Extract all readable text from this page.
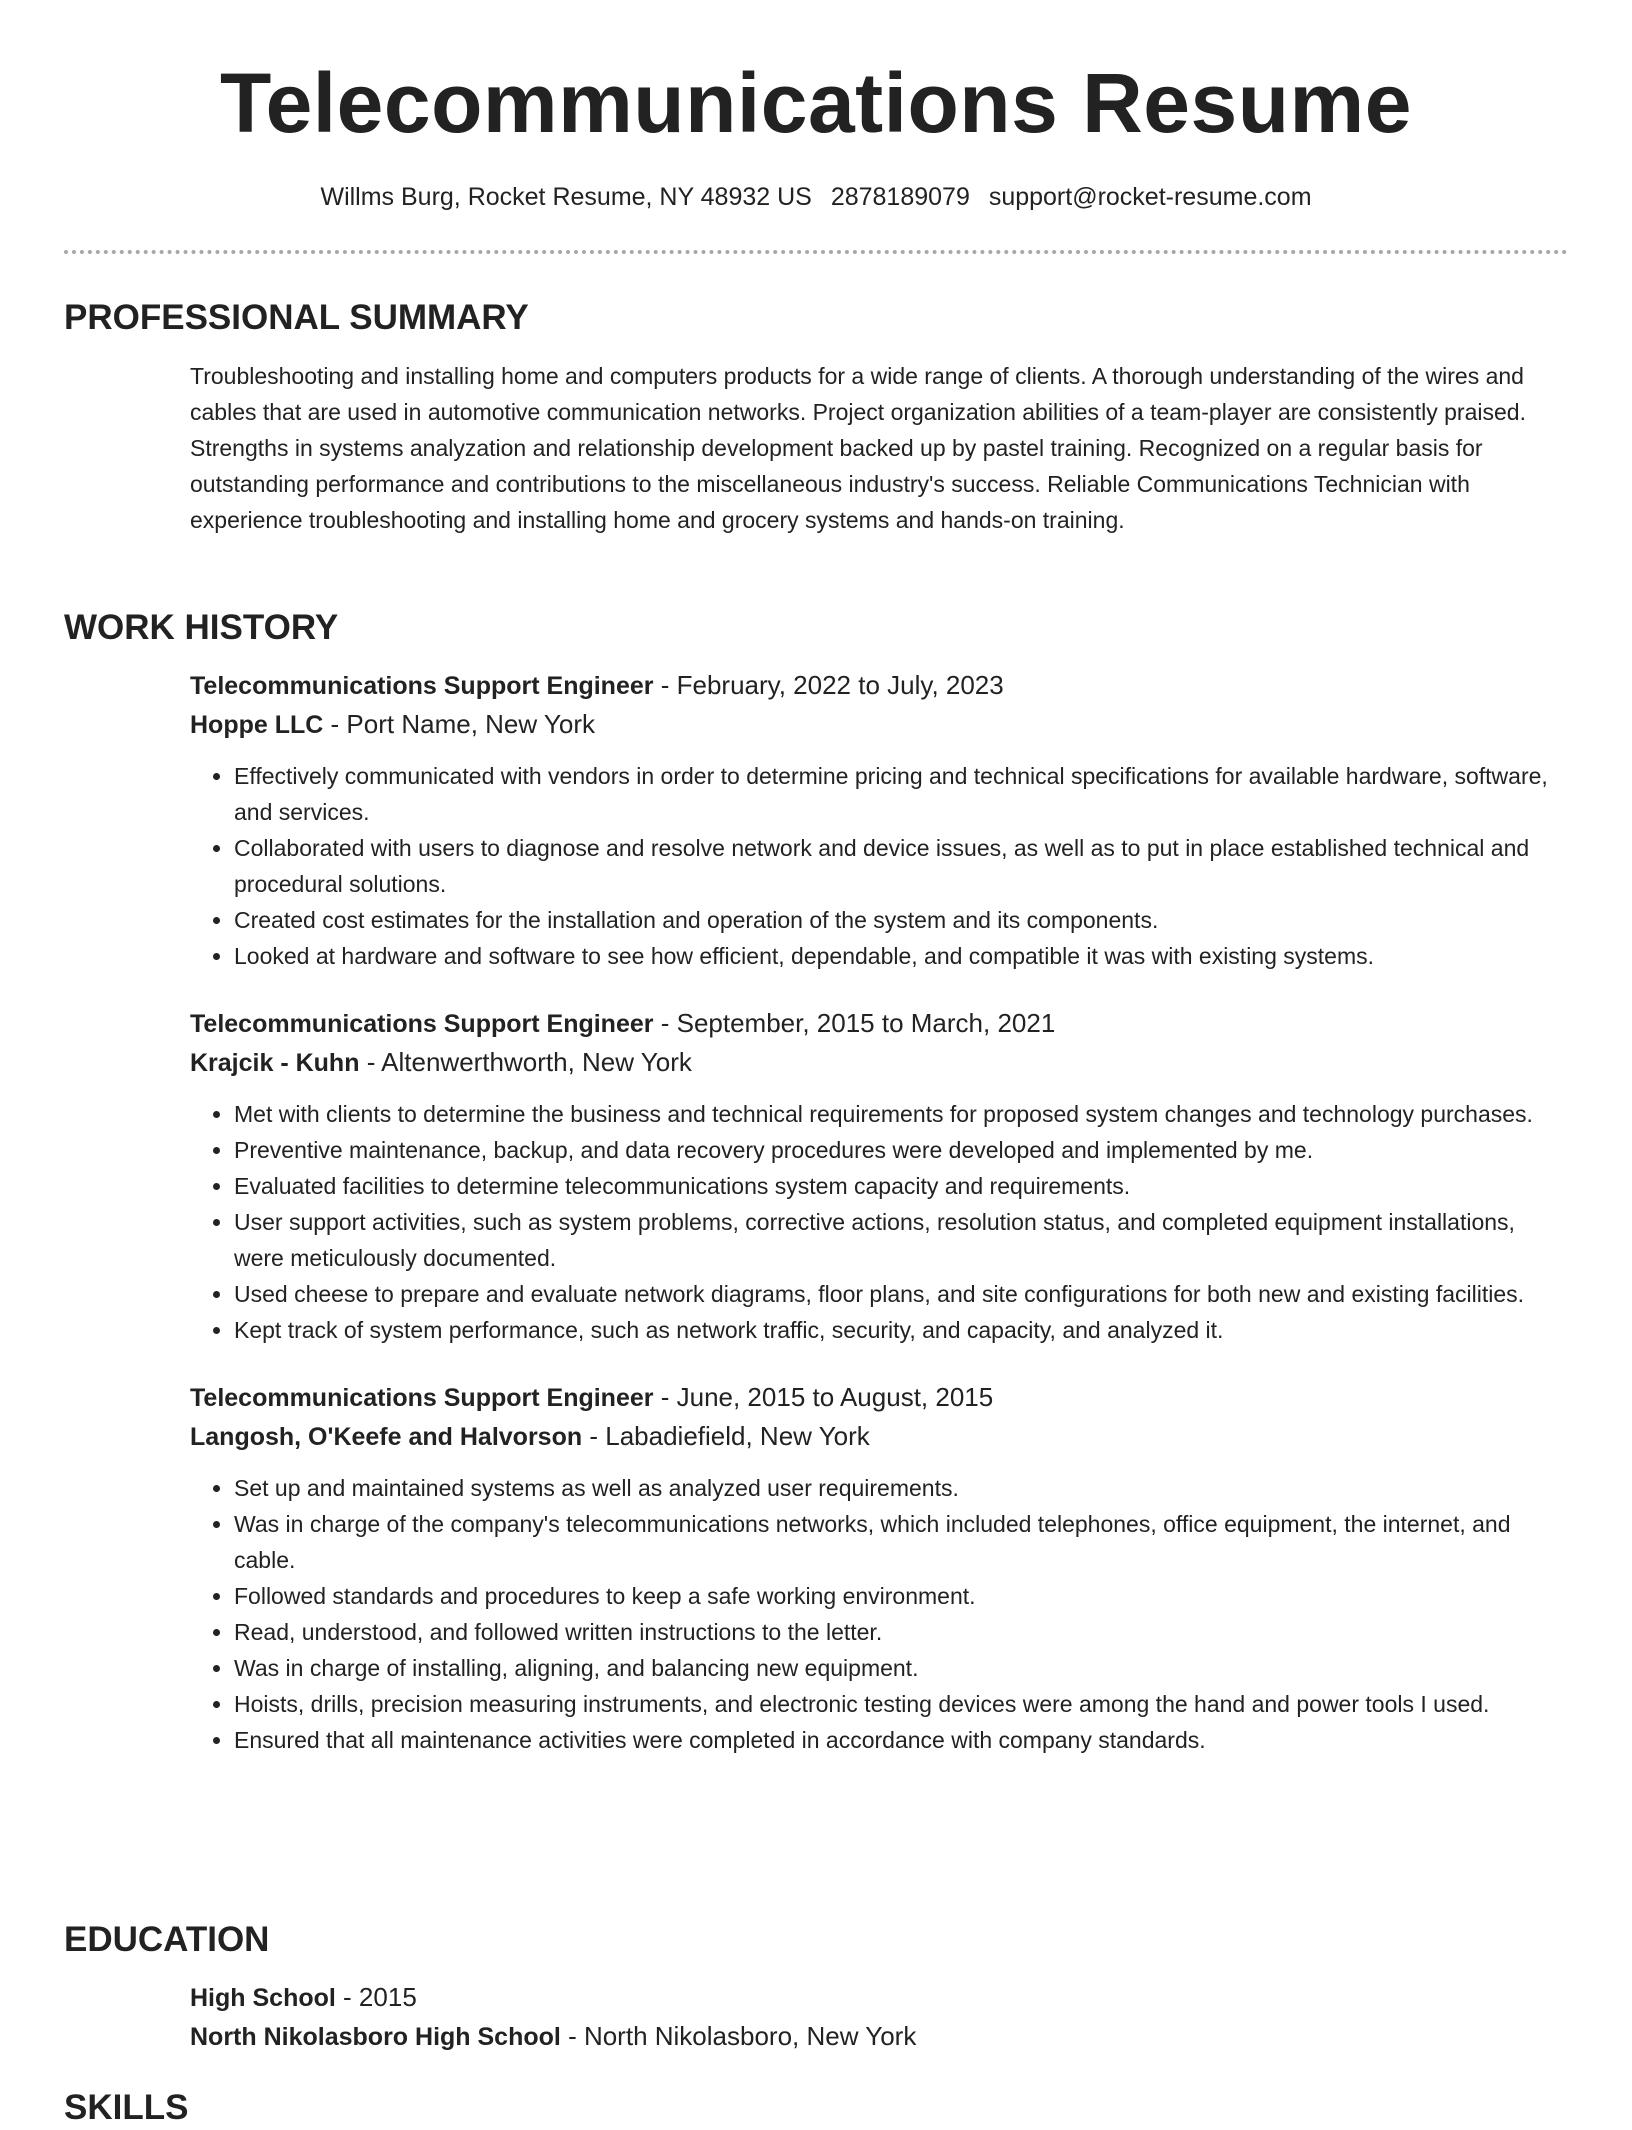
Telecommunications Resume
Willms Burg, Rocket Resume, NY 48932 US 2878189079 support@rocket-resume.com
PROFESSIONAL SUMMARY
Troubleshooting and installing home and computers products for a wide range of clients. A thorough understanding of the wires and cables that are used in automotive communication networks. Project organization abilities of a team-player are consistently praised. Strengths in systems analyzation and relationship development backed up by pastel training. Recognized on a regular basis for outstanding performance and contributions to the miscellaneous industry's success. Reliable Communications Technician with experience troubleshooting and installing home and grocery systems and hands-on training.
WORK HISTORY
Telecommunications Support Engineer - February, 2022 to July, 2023
Hoppe LLC - Port Name, New York
• Effectively communicated with vendors in order to determine pricing and technical specifications for available hardware, software, and services.
• Collaborated with users to diagnose and resolve network and device issues, as well as to put in place established technical and procedural solutions.
• Created cost estimates for the installation and operation of the system and its components.
• Looked at hardware and software to see how efficient, dependable, and compatible it was with existing systems.
Telecommunications Support Engineer - September, 2015 to March, 2021
Krajcik - Kuhn - Altenwerthworth, New York
• Met with clients to determine the business and technical requirements for proposed system changes and technology purchases.
• Preventive maintenance, backup, and data recovery procedures were developed and implemented by me.
• Evaluated facilities to determine telecommunications system capacity and requirements.
• User support activities, such as system problems, corrective actions, resolution status, and completed equipment installations, were meticulously documented.
• Used cheese to prepare and evaluate network diagrams, floor plans, and site configurations for both new and existing facilities.
• Kept track of system performance, such as network traffic, security, and capacity, and analyzed it.
Telecommunications Support Engineer - June, 2015 to August, 2015
Langosh, O'Keefe and Halvorson - Labadiefield, New York
• Set up and maintained systems as well as analyzed user requirements.
• Was in charge of the company's telecommunications networks, which included telephones, office equipment, the internet, and cable.
• Followed standards and procedures to keep a safe working environment.
• Read, understood, and followed written instructions to the letter.
• Was in charge of installing, aligning, and balancing new equipment.
• Hoists, drills, precision measuring instruments, and electronic testing devices were among the hand and power tools I used.
• Ensured that all maintenance activities were completed in accordance with company standards.
EDUCATION
High School - 2015
North Nikolasboro High School - North Nikolasboro, New York
SKILLS
